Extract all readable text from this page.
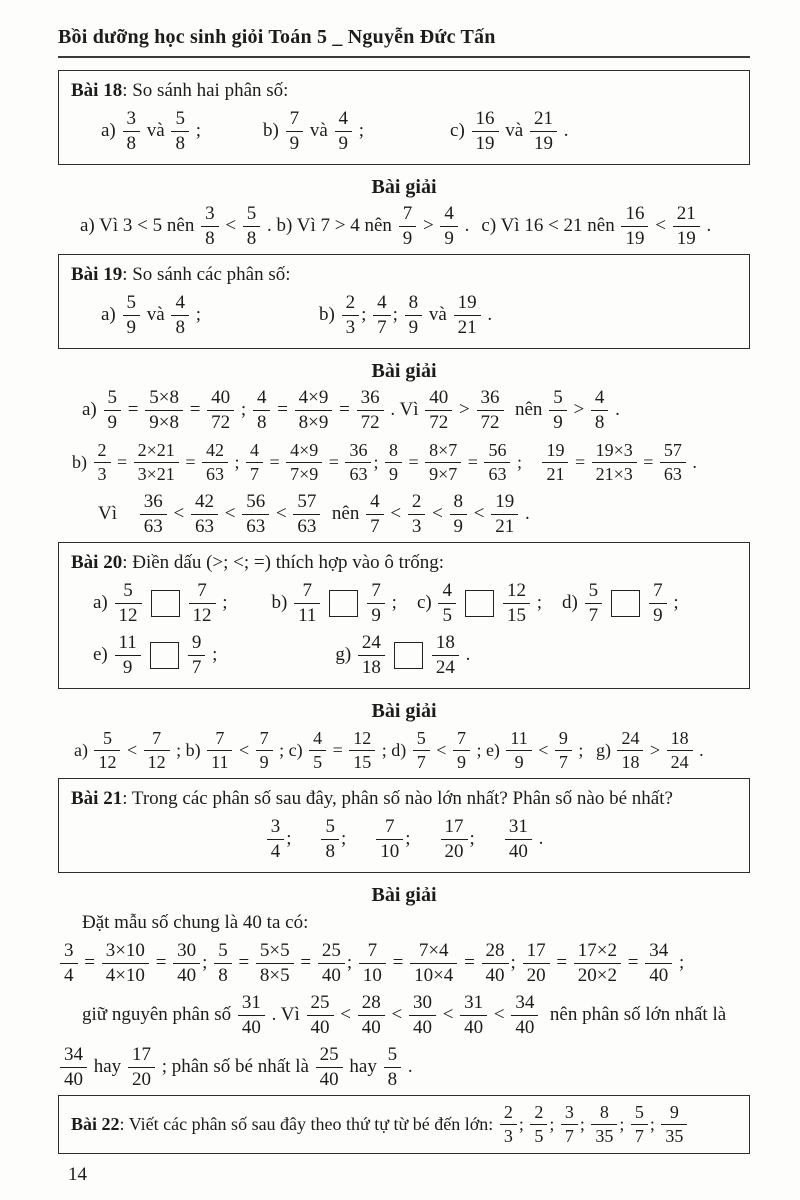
Bồi dưỡng học sinh giỏi Toán 5 _ Nguyễn Đức Tấn
Bài 18 : So sánh hai phân số:
$a) \frac{3}{8}$ và $\frac{5}{8}$ ;	$b) \frac{7}{9}$ và $\frac{4}{9}$ ;	$c) \frac{16}{19}$ và $\frac{21}{19}$ .
Bài giải
a) Vì 3 < 5 nên $\frac{3}{8} < \frac{5}{8}$ . b) Vì 7 > 4 nên $\frac{7}{9} > \frac{4}{9}$ . c) Vì 16 < 21 nên $\frac{16}{19} < \frac{21}{19}$ .
Bài 19 : So sánh các phân số:
$a) \frac{5}{9}$ và $\frac{4}{8}$ ;	$b) \frac{2}{3}$ ; $\frac{4}{7}$ ; $\frac{8}{9}$ và $\frac{19}{21}$ .
Bài giải
$a) \frac{5}{9} = \frac{5\times 8}{9\times 8} = \frac{40}{72}$ ; $\frac{4}{8} = \frac{4\times 9}{8\times 9} = \frac{36}{72}$ . Vì $\frac{40}{72} > \frac{36}{72}$ nên $\frac{5}{9} > \frac{4}{8}$ .
$b) \frac{2}{3} = \frac{2\times 21}{3\times 21} = \frac{42}{63}$ ; $\frac{4}{7} = \frac{4\times 9}{7\times 9} = \frac{36}{63}$ ; $\frac{8}{9} = \frac{8\times 7}{9\times 7} = \frac{56}{63}$ ; $\frac{19}{21} = \frac{19\times 3}{21\times 3} = \frac{57}{63}$ .
Vì $\frac{36}{63} < \frac{42}{63} < \frac{56}{63} < \frac{57}{63}$ nên $\frac{4}{7} < \frac{2}{3} < \frac{8}{9} < \frac{19}{21}$ .
Bài 20 : Điền dấu (>; <; =) thích hợp vào ô trống:
$a) \frac{5}{12} \frac{7}{12}$ ; $b) \frac{7}{11} \frac{7}{9}$ ; $c) \frac{4}{5} \frac{12}{15}$ ; $d) \frac{5}{7} \frac{7}{9}$ ;
$e) \frac{11}{9} \frac{9}{7}$ ;	$g) \frac{24}{18} \frac{18}{24}$ .
Bài giải
$a) \frac{5}{12} < \frac{7}{12}$ ; $b) \frac{7}{11} < \frac{7}{9}$ ; $c) \frac{4}{5} = \frac{12}{15}$ ; $d) \frac{5}{7} < \frac{7}{9}$ ; $e) \frac{11}{9} < \frac{9}{7}$ ; $g) \frac{24}{18} > \frac{18}{24}$ .
Bài 21 : Trong các phân số sau đây, phân số nào lớn nhất? Phân số nào bé nhất?
$\frac{3}{4}$ ; $\frac{5}{8}$ ; $\frac{7}{10}$ ; $\frac{17}{20}$ ; $\frac{31}{40}$ .
Bài giải
Đặt mẫu số chung là 40 ta có:
$\frac{3}{4} = \frac{3\times 10}{4\times 10} = \frac{30}{40}$ ; $\frac{5}{8} = \frac{5\times 5}{8\times 5} = \frac{25}{40}$ ; $\frac{7}{10} = \frac{7\times 4}{10\times 4} = \frac{28}{40}$ ; $\frac{17}{20} = \frac{17\times 2}{20\times 2} = \frac{34}{40}$ ;
giữ nguyên phân số $\frac{31}{40}$ . Vì $\frac{25}{40} < \frac{28}{40} < \frac{30}{40} < \frac{31}{40} < \frac{34}{40}$ nên phân số lớn nhất là
$\frac{34}{40}$ hay $\frac{17}{20}$ ; phân số bé nhất là $\frac{25}{40}$ hay $\frac{5}{8}$ .
Bài 22 : Viết các phân số sau đây theo thứ tự từ bé đến lớn: $\frac{2}{3}$ ; $\frac{2}{5}$ ; $\frac{3}{7}$ ; $\frac{8}{35}$ ; $\frac{5}{7}$ ; $\frac{9}{35}$
14
